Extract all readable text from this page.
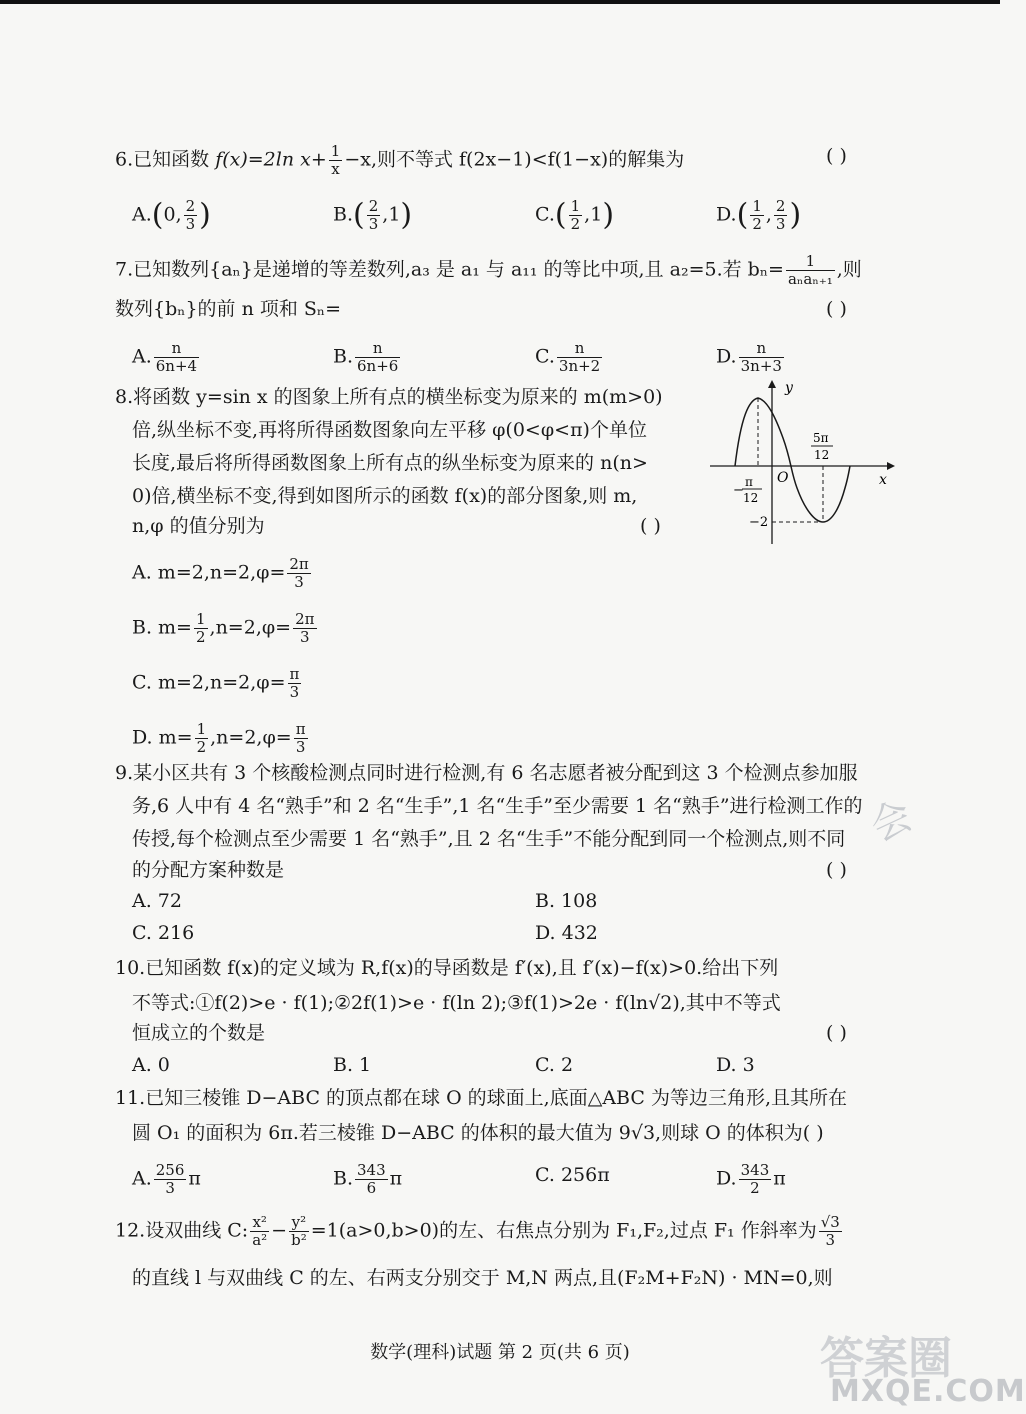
6.已知函数 f(x)=2ln $x+ \frac{1}{x} -x$,则不等式 f(2x−1)<f(1−x)的解集为	( )
A.(0, $\frac{2}{3}$ )	$B.( \frac{2}{3} ,1)$	$C.( \frac{1}{2} ,1)$	$D.( \frac{1}{2}$ , $\frac{2}{3}$ )
7.已知数列{aₙ}是递增的等差数列,a₃ 是 a₁ 与 a₁₁ 的等比中项,且 a₂=5.若 $b_n= \frac{1}{\text{aₙaₙ₊₁}}$ ,则
数列{bₙ}的前 n 项和 Sₙ=	( )
A. $\frac{n}{6n+4}$	B. $\frac{n}{6n+6}$	C. $\frac{n}{3n+2}$	D. $\frac{n}{3n+3}$
8.将函数 y=sin x 的图象上所有点的横坐标变为原来的 m(m>0)
倍,纵坐标不变,再将所得函数图象向左平移 φ(0<φ<π)个单位
长度,最后将所得函数图象上所有点的纵坐标变为原来的 n(n>
0)倍,横坐标不变,得到如图所示的函数 f(x)的部分图象,则 m,
n,φ 的值分别为	( )
A. $m=2,n=2,\varphi= \frac{2\pi}{3}$
B. $m= \frac{1}{2} ,n=2,\varphi= \frac{2\pi}{3}$
C. $m=2,n=2,\varphi= \frac{\pi}{3}$
D. $m= \frac{1}{2} ,n=2,\varphi= \frac{\pi}{3}$
y
x
O
−
π
12
5π
12
−2
9.某小区共有 3 个核酸检测点同时进行检测,有 6 名志愿者被分配到这 3 个检测点参加服
务,6 人中有 4 名“熟手”和 2 名“生手”,1 名“生手”至少需要 1 名“熟手”进行检测工作的
传授,每个检测点至少需要 1 名“熟手”,且 2 名“生手”不能分配到同一个检测点,则不同
的分配方案种数是	( )
A. 72	B. 108
C. 216	D. 432
会
10.已知函数 f(x)的定义域为 R,f(x)的导函数是 f′(x),且 f′(x)−f(x)>0.给出下列
不等式:①f(2)>e · f(1);②2f(1)>e · f(ln 2);③f(1)>2e · f(ln√2),其中不等式
恒成立的个数是	( )
A. 0	B. 1	C. 2	D. 3
11.已知三棱锥 D−ABC 的顶点都在球 O 的球面上,底面△ABC 为等边三角形,且其所在
圆 O₁ 的面积为 6π.若三棱锥 D−ABC 的体积的最大值为 9√3,则球 O 的体积为( )
A. $\frac{256}{3}$ π	B. $\frac{343}{6}$ π	C. 256π	D. $\frac{343}{2}$ π
12.设双曲线 C: $\frac{\text{x²}}{\text{a²}} - \frac{\text{y²}}{\text{b²}} =1(a>0,b>0)$的左、右焦点分别为 F₁,F₂,过点 F₁ 作斜率为 $\frac{√3}{3}$
的直线 l 与双曲线 C 的左、右两支分别交于 M,N 两点,且(F₂M+F₂N) · MN=0,则
数学(理科)试题 第 2 页(共 6 页)	答案圈
MXQE.COM
